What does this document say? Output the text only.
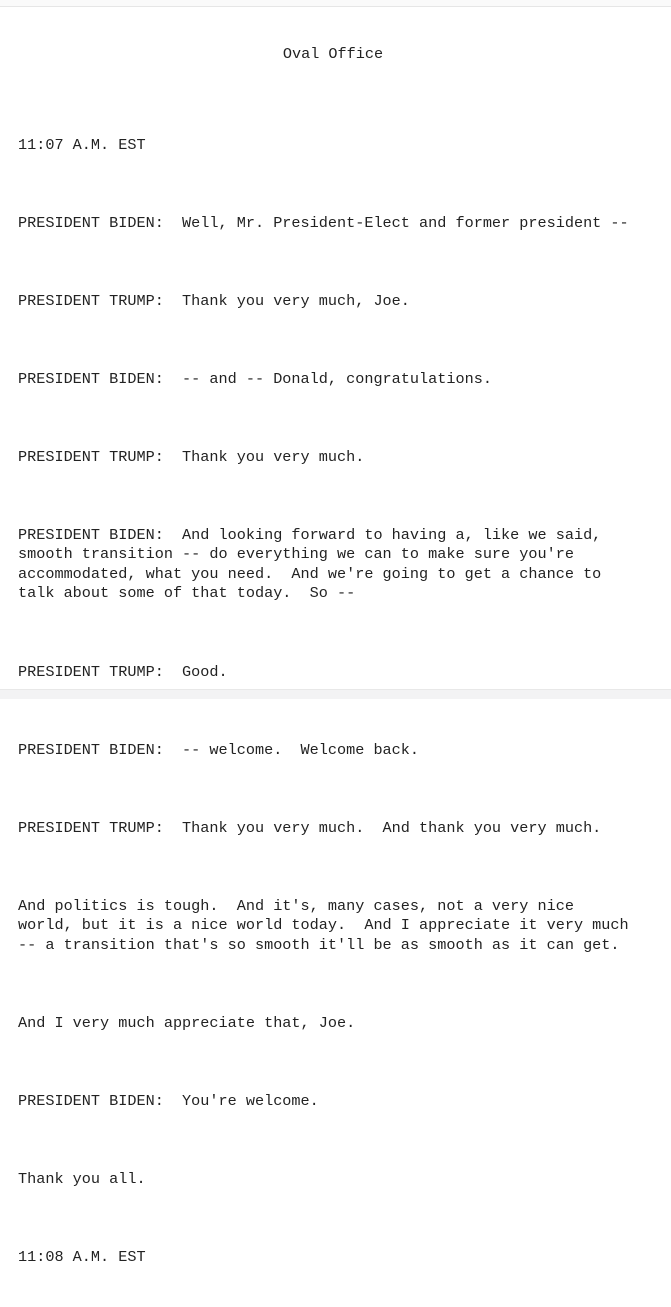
Oval Office

11:07 A.M. EST

PRESIDENT BIDEN:  Well, Mr. President-Elect and former president --

PRESIDENT TRUMP:  Thank you very much, Joe.

PRESIDENT BIDEN:  -- and -- Donald, congratulations.

PRESIDENT TRUMP:  Thank you very much.

PRESIDENT BIDEN:  And looking forward to having a, like we said,
smooth transition -- do everything we can to make sure you're
accommodated, what you need.  And we're going to get a chance to
talk about some of that today.  So --

PRESIDENT TRUMP:  Good.

PRESIDENT BIDEN:  -- welcome.  Welcome back.

PRESIDENT TRUMP:  Thank you very much.  And thank you very much.

And politics is tough.  And it's, many cases, not a very nice
world, but it is a nice world today.  And I appreciate it very much
-- a transition that's so smooth it'll be as smooth as it can get.

And I very much appreciate that, Joe.

PRESIDENT BIDEN:  You're welcome.

Thank you all.

11:08 A.M. EST
